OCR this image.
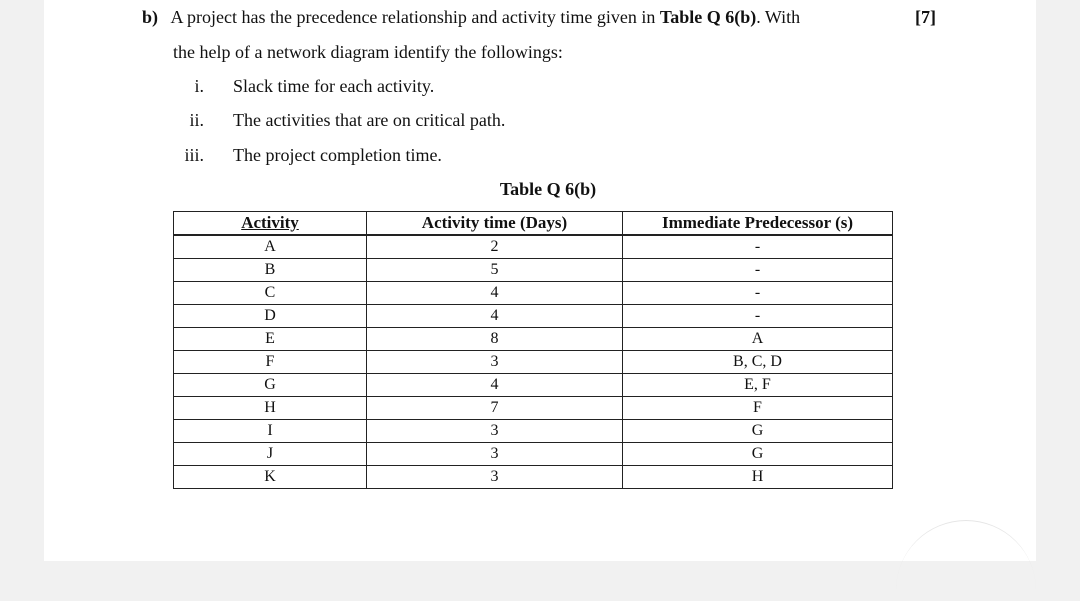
b) A project has the precedence relationship and activity time given in Table Q 6(b). With	[7]
the help of a network diagram identify the followings:
i. Slack time for each activity.
ii. The activities that are on critical path.
iii. The project completion time.
Table Q 6(b)
Activity	Activity time (Days)	Immediate Predecessor (s)
A	2	-
B	5	-
C	4	-
D	4	-
E	8	A
F	3	B, C, D
G	4	E, F
H	7	F
I	3	G
J	3	G
K	3	H
